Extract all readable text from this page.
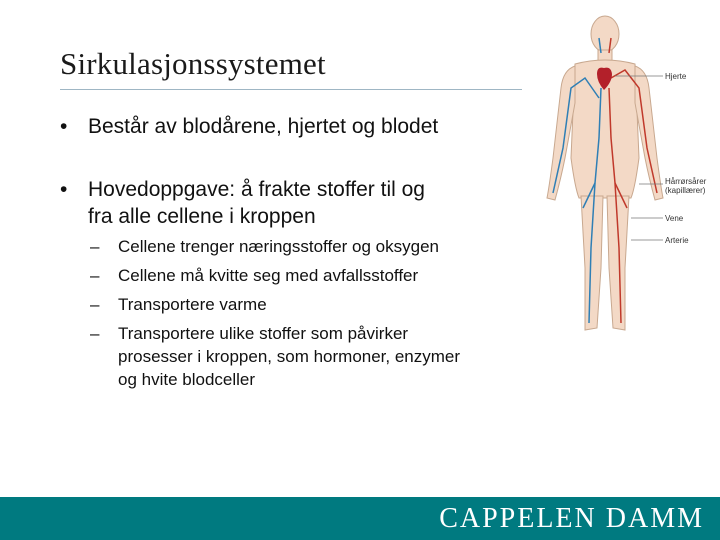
Sirkulasjonssystemet
• Består av blodårene, hjertet og blodet
• Hovedoppgave: å frakte stoffer til og
fra alle cellene i kroppen
– Cellene trenger næringsstoffer og oksygen
– Cellene må kvitte seg med avfallsstoffer
– Transportere varme
– Transportere ulike stoffer som påvirker
prosesser i kroppen, som hormoner, enzymer
og hvite blodceller
Hjerte
Hårrørsårer
(kapillærer)
Vene
Arterie
CAPPELEN DAMM
